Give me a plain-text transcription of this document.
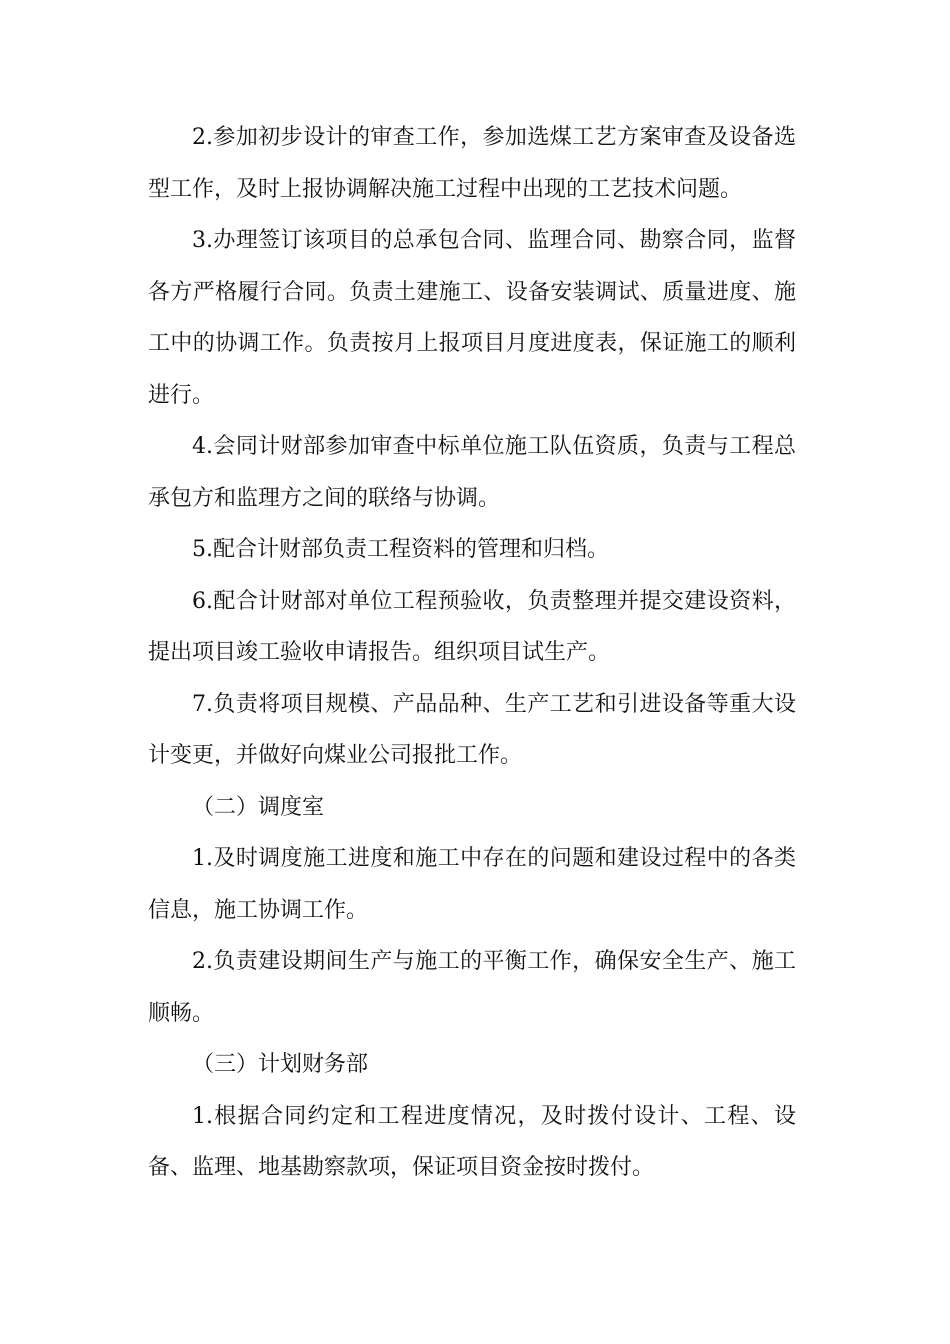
2.参加初步设计的审查工作，参加选煤工艺方案审查及设备选型工作，及时上报协调解决施工过程中出现的工艺技术问题。

3.办理签订该项目的总承包合同、监理合同、勘察合同，监督各方严格履行合同。负责土建施工、设备安装调试、质量进度、施工中的协调工作。负责按月上报项目月度进度表，保证施工的顺利进行。

4.会同计财部参加审查中标单位施工队伍资质，负责与工程总承包方和监理方之间的联络与协调。

5.配合计财部负责工程资料的管理和归档。

6.配合计财部对单位工程预验收，负责整理并提交建设资料，提出项目竣工验收申请报告。组织项目试生产。

7.负责将项目规模、产品品种、生产工艺和引进设备等重大设计变更，并做好向煤业公司报批工作。

（二）调度室

1.及时调度施工进度和施工中存在的问题和建设过程中的各类信息，施工协调工作。

2.负责建设期间生产与施工的平衡工作，确保安全生产、施工顺畅。

（三）计划财务部

1.根据合同约定和工程进度情况，及时拨付设计、工程、设备、监理、地基勘察款项，保证项目资金按时拨付。
